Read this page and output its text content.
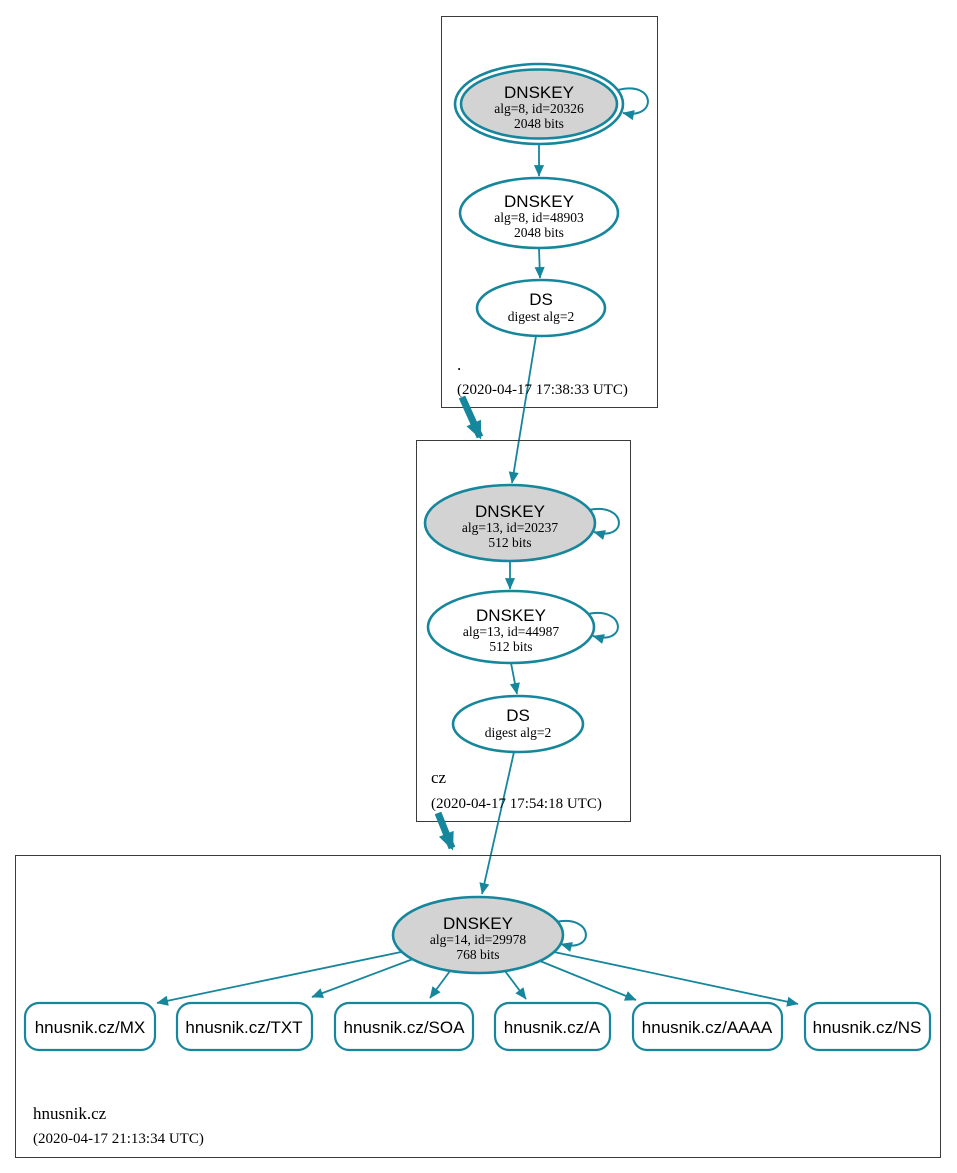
DNSKEY
alg=8, id=20326
2048 bits
DNSKEY
alg=8, id=48903
2048 bits
DS
digest alg=2
.
(2020-04-17 17:38:33 UTC)
DNSKEY
alg=13, id=20237
512 bits
DNSKEY
alg=13, id=44987
512 bits
DS
digest alg=2
cz
(2020-04-17 17:54:18 UTC)
DNSKEY
alg=14, id=29978
768 bits
hnusnik.cz/MX hnusnik.cz/TXT hnusnik.cz/SOA hnusnik.cz/A hnusnik.cz/AAAA hnusnik.cz/NS
hnusnik.cz
(2020-04-17 21:13:34 UTC)
